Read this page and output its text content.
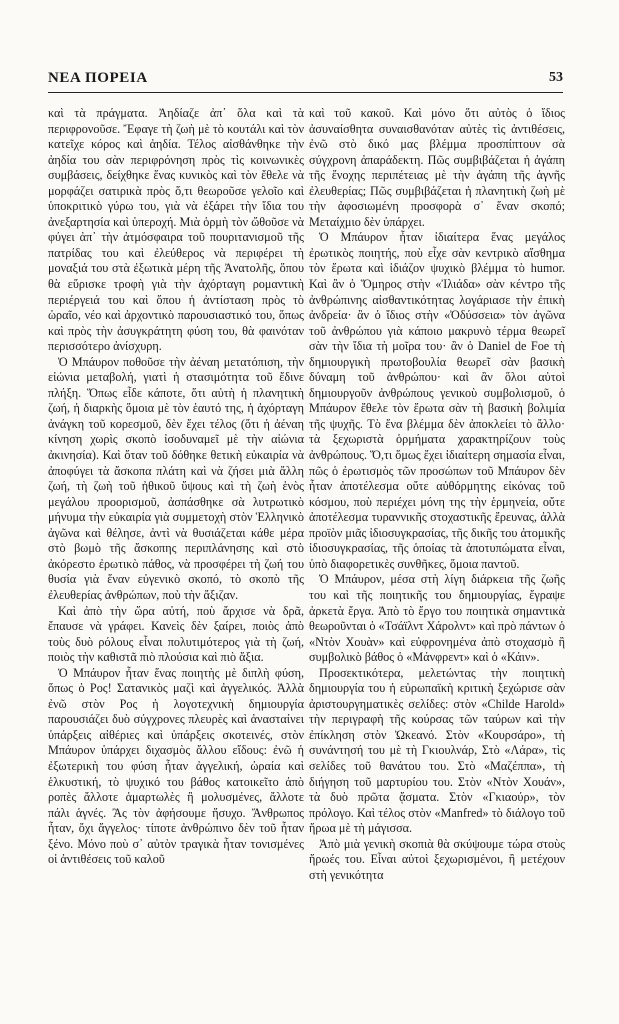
ΝΕΑ ΠΟΡΕΙΑ	53

καὶ τὰ πράγματα. Ἀηδίαζε ἀπ᾽ ὅλα καὶ τὰ περιφρονοῦσε. Ἔφαγε τὴ ζωὴ μὲ τὸ κουτάλι καὶ τὸν κατεῖχε κόρος καὶ ἀηδία. Τέλος αἰσθάνθηκε τὴν ἀηδία του σὰν περιφρόνηση πρὸς τὶς κοινωνικὲς συμβάσεις, δείχθηκε ἕνας κυνικὸς καὶ τὸν ἔθελε νὰ μορφάζει σατιρικὰ πρὸς ὅ,τι θεωροῦσε γελοῖο καὶ ὑποκριτικὸ γύρω του, γιὰ νὰ ἐξάρει τὴν ἴδια του ἀνεξαρτησία καὶ ὑπεροχή. Μιὰ ὁρμὴ τὸν ὤθοῦσε νὰ φύγει ἀπ᾽ τὴν ἀτμόσφαιρα τοῦ πουριτανισμοῦ τῆς πατρίδας του καὶ ἐλεύθερος νὰ περιφέρει τὴ μοναξιά του στὰ ἐξωτικὰ μέρη τῆς Ἀνατολῆς, ὅπου θὰ εὕρισκε τροφὴ γιὰ τὴν ἀχόρταγη ρομαντικὴ περιέργειά του καὶ ὅπου ἡ ἀντίσταση πρὸς τὸ ὡραῖο, νέο καὶ ἀρχοντικὸ παρουσιαστικό του, ὅπως καὶ πρὸς τὴν ἀσυγκράτητη φύση του, θὰ φαινόταν περισσότερο ἀνίσχυρη.

Ὁ Μπάυρον ποθοῦσε τὴν ἀέναη μετατόπιση, τὴν εἰώνια μεταβολή, γιατὶ ἡ στασιμότητα τοῦ ἔδινε πλήξη. Ὅπως εἶδε κάποτε, ὅτι αὐτὴ ἡ πλανητικὴ ζωή, ἡ διαρκὴς ὅμοια μὲ τὸν ἑαυτό της, ἡ ἀχόρταγη ἀνάγκη τοῦ κορεσμοῦ, δὲν ἔχει τέλος (ὅτι ἡ ἀέναη κίνηση χωρὶς σκοπὸ ἰσοδυναμεῖ μὲ τὴν αἰώνια ἀκινησία). Καὶ ὅταν τοῦ δόθηκε θετικὴ εὐκαιρία νὰ ἀποφύγει τὰ ἄσκοπα πλάτη καὶ νὰ ζήσει μιὰ ἄλλη ζωή, τὴ ζωὴ τοῦ ἠθικοῦ ὕψους καὶ τὴ ζωὴ ἑνὸς μεγάλου προορισμοῦ, ἀσπάσθηκε σὰ λυτρωτικὸ μήνυμα τὴν εὐκαιρία γιὰ συμμετοχὴ στὸν Ἑλληνικὸ ἀγῶνα καὶ θέλησε, ἀντὶ νὰ θυσιάζεται κάθε μέρα στὸ βωμὸ τῆς ἄσκοπης περιπλάνησης καὶ στὸ ἀκόρεστο ἐρωτικὸ πάθος, νὰ προσφέρει τὴ ζωή του θυσία γιὰ ἕναν εὐγενικὸ σκοπό, τὸ σκοπὸ τῆς ἐλευθερίας ἀνθρώπων, ποὺ τὴν ἄξιζαν.

Καὶ ἀπὸ τὴν ὥρα αὐτή, ποὺ ἄρχισε νὰ δρᾶ, ἔπαυσε νὰ γράφει. Κανεὶς δὲν ξαίρει, ποιὸς ἀπὸ τοὺς δυὸ ρόλους εἶναι πολυτιμότερος γιὰ τὴ ζωή, ποιὸς τὴν καθιστᾶ πιὸ πλούσια καὶ πιὸ ἄξια.

Ὁ Μπάυρον ἦταν ἕνας ποιητὴς μὲ διπλὴ φύση, ὅπως ὁ Ρος! Σατανικὸς μαζὶ καὶ ἀγγελικός. Ἀλλὰ ἐνῶ στὸν Ρος ἡ λογοτεχνικὴ δημιουργία παρουσιάζει δυὸ σύγχρονες πλευρὲς καὶ ἀνασταίνει ὑπάρξεις αἰθέριες καὶ ὑπάρξεις σκοτεινές, στὸν Μπάυρον ὑπάρχει διχασμὸς ἄλλου εἴδους: ἐνῶ ἡ ἐξωτερικὴ του φύση ἦταν ἀγγελική, ὡραία καὶ ἑλκυστική, τὸ ψυχικό του βάθος κατοικεῖτο ἀπὸ ροπὲς ἄλλοτε ἁμαρτωλὲς ἢ μολυσμένες, ἄλλοτε πάλι ἁγνές. Ἂς τὸν ἀφήσουμε ἥσυχο. Ἄνθρωπος ἦταν, ὄχι ἄγγελος· τίποτε ἀνθρώπινο δὲν τοῦ ἦταν ξένο. Μόνο ποὺ σ᾽ αὐτὸν τραγικὰ ἦταν τονισμένες οἱ ἀντιθέσεις τοῦ καλοῦ

καὶ τοῦ κακοῦ. Καὶ μόνο ὅτι αὐτὸς ὁ ἴδιος ἀσυναίσθητα συναισθανόταν αὐτὲς τὶς ἀντιθέσεις, ἐνῶ στὸ δικό μας βλέμμα προσπίπτουν σὰ σύγχρονη ἀπαράδεκτη. Πῶς συμβιβάζεται ἡ ἀγάπη τῆς ἔνοχης περιπέτειας μὲ τὴν ἀγάπη τῆς ἁγνῆς ἐλευθερίας; Πῶς συμβιβάζεται ἡ πλανητικὴ ζωὴ μὲ τὴν ἀφοσιωμένη προσφορὰ σ᾽ ἕναν σκοπό; Μεταίχμιο δὲν ὑπάρχει.

Ὁ Μπάυρον ἦταν ἰδιαίτερα ἕνας μεγάλος ἐρωτικὸς ποιητής, ποὺ εἶχε σὰν κεντρικὸ αἴσθημα τὸν ἔρωτα καὶ ἰδιάζον ψυχικὸ βλέμμα τὸ humor. Καὶ ἂν ὁ Ὅμηρος στὴν «Ἰλιάδα» σὰν κέντρο τῆς ἀνθρώπινης αἰσθαντικότητας λογάριασε τὴν ἐπικὴ ἀνδρεία· ἂν ὁ ἴδιος στὴν «Ὀδύσσεια» τὸν ἀγῶνα τοῦ ἀνθρώπου γιὰ κάποιο μακρυνὸ τέρμα θεωρεῖ σὰν τὴν ἴδια τὴ μοῖρα του· ἂν ὁ Daniel de Foe τὴ δημιουργικὴ πρωτοβουλία θεωρεῖ σὰν βασικὴ δύναμη τοῦ ἀνθρώπου· καὶ ἂν ὅλοι αὐτοὶ δημιουργοῦν ἀνθρώπους γενικοὺ συμβολισμοῦ, ὁ Μπάυρον ἔθελε τὸν ἔρωτα σὰν τὴ βασικὴ βολιμία τῆς ψυχῆς. Τὸ ἕνα βλέμμα δὲν ἀποκλείει τὸ ἄλλο· τὰ ξεχωριστὰ ὁρμήματα χαρακτηρίζουν τοὺς ἀνθρώπους. Ὅ,τι ὅμως ἔχει ἰδιαίτερη σημασία εἶναι, πῶς ὁ ἐρωτισμὸς τῶν προσώπων τοῦ Μπάυρον δὲν ἦταν ἀποτέλεσμα οὔτε αὐθόρμητης εἰκόνας τοῦ κόσμου, ποὺ περιέχει μόνη της τὴν ἑρμηνεία, οὔτε ἀποτέλεσμα τυραννικῆς στοχαστικῆς ἔρευνας, ἀλλὰ προϊὸν μιᾶς ἰδιοσυγκρασίας, τῆς δικῆς του ἀτομικῆς ἰδιοσυγκρασίας, τῆς ὁποίας τὰ ἀποτυπώματα εἶναι, ὑπὸ διαφορετικὲς συνθῆκες, ὅμοια παντοῦ.

Ὁ Μπάυρον, μέσα στὴ λίγη διάρκεια τῆς ζωῆς του καὶ τῆς ποιητικῆς του δημιουργίας, ἔγραψε ἀρκετὰ ἔργα. Ἀπὸ τὸ ἔργο του ποιητικὰ σημαντικὰ θεωροῦνται ὁ «Τσάϊλντ Χάρολντ» καὶ πρὸ πάντων ὁ «Ντὸν Χουὰν» καὶ εὐφρονημένα ἀπὸ στοχασμὸ ἢ συμβολικὸ βάθος ὁ «Μάνφρεντ» καὶ ὁ «Κάιν».

Προσεκτικότερα, μελετώντας τὴν ποιητικὴ δημιουργία του ἡ εὐρωπαϊκὴ κριτικὴ ξεχώρισε σὰν ἀριστουργηματικὲς σελίδες: στὸν «Childe Harold» τὴν περιγραφὴ τῆς κούρσας τῶν ταύρων καὶ τὴν ἐπίκληση στὸν Ὠκεανό. Στὸν «Κουρσάρο», τὴ συνάντησή του μὲ τὴ Γκιουλνάρ, Στὸ «Λάρα», τὶς σελίδες τοῦ θανάτου του. Στὸ «Μαζέππα», τὴ διήγηση τοῦ μαρτυρίου του. Στὸν «Ντὸν Χουάν», τὰ δυὸ πρῶτα ᾄσματα. Στὸν «Γκιαούρ», τὸν πρόλογο. Καὶ τέλος στὸν «Manfred» τὸ διάλογο τοῦ ἥρωα μὲ τὴ μάγισσα.

Ἀπὸ μιὰ γενικὴ σκοπιὰ θὰ σκύψουμε τώρα στοὺς ἥρωές του. Εἶναι αὐτοὶ ξεχωρισμένοι, ἢ μετέχουν στὴ γενικότητα
